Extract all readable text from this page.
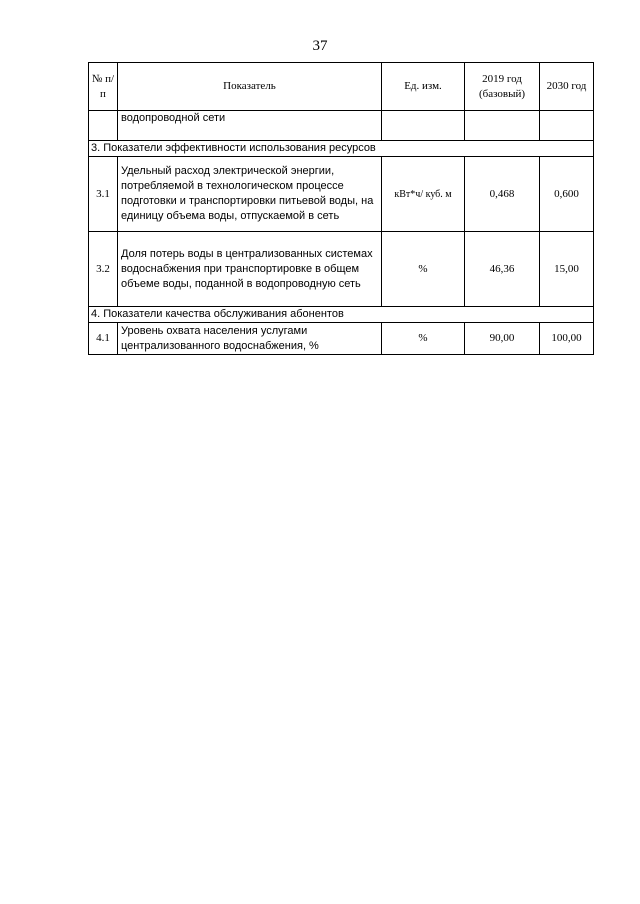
37
№ п/п	Показатель	Ед. изм.	2019 год (базовый)	2030 год
	водопроводной сети			
3. Показатели эффективности использования ресурсов				
3.1	Удельный расход электрической энергии, потребляемой в технологическом процессе подготовки и транспортировки питьевой воды, на единицу объема воды, отпускаемой в сеть	кВт*ч/ куб. м	0,468	0,600
3.2	Доля потерь воды в централизованных системах водоснабжения при транспортировке в общем объеме воды, поданной в водопроводную сеть	%	46,36	15,00
4. Показатели качества обслуживания абонентов				
4.1	Уровень охвата населения услугами централизованного водоснабжения, %	%	90,00	100,00
